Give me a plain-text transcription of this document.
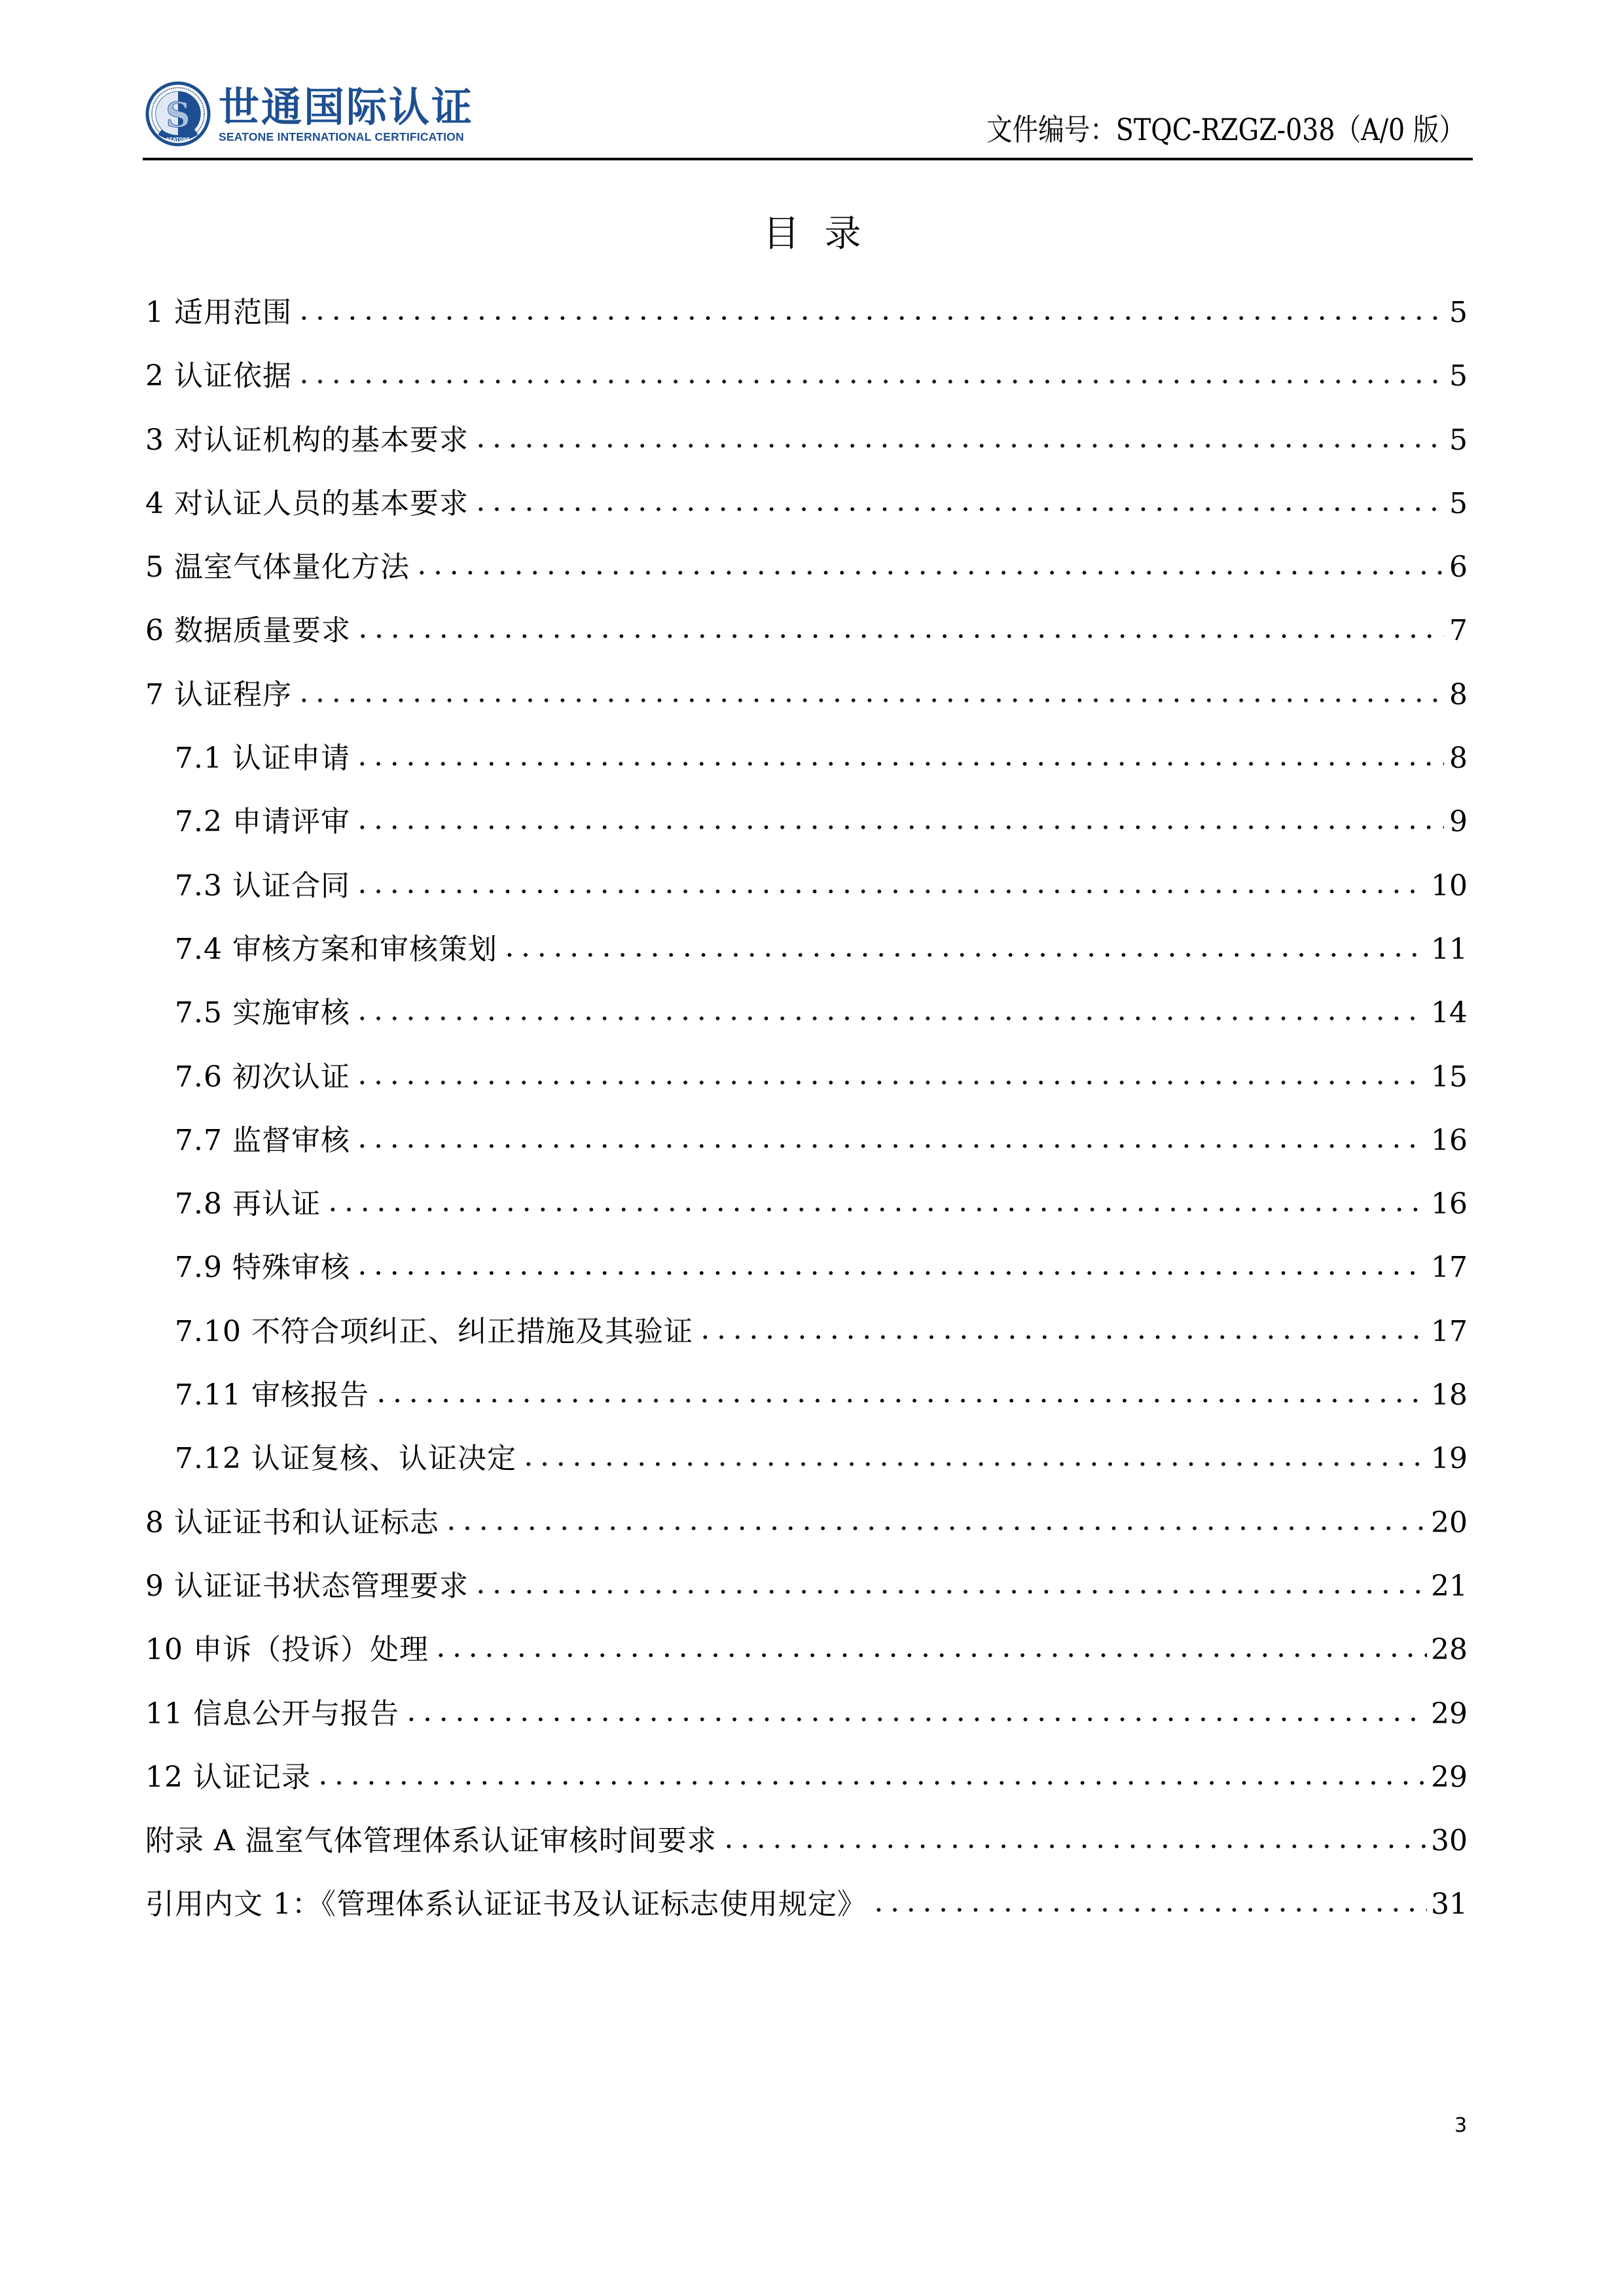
S
SEATONE
世通国际认证
SEATONE INTERNATIONAL CERTIFICATION	文件编号：STQC-RZGZ-038（A/0 版）
目录
1 适用范围	5
2 认证依据	5
3 对认证机构的基本要求	5
4 对认证人员的基本要求	5
5 温室气体量化方法	6
6 数据质量要求	7
7 认证程序	8
7.1 认证申请	8
7.2 申请评审	9
7.3 认证合同	10
7.4 审核方案和审核策划	11
7.5 实施审核	14
7.6 初次认证	15
7.7 监督审核	16
7.8 再认证	16
7.9 特殊审核	17
7.10 不符合项纠正、纠正措施及其验证	17
7.11 审核报告	18
7.12 认证复核、认证决定	19
8 认证证书和认证标志	20
9 认证证书状态管理要求	21
10 申诉（投诉）处理	28
11 信息公开与报告	29
12 认证记录	29
附录 A 温室气体管理体系认证审核时间要求	30
引用内文 1：《管理体系认证证书及认证标志使用规定》	31
3
